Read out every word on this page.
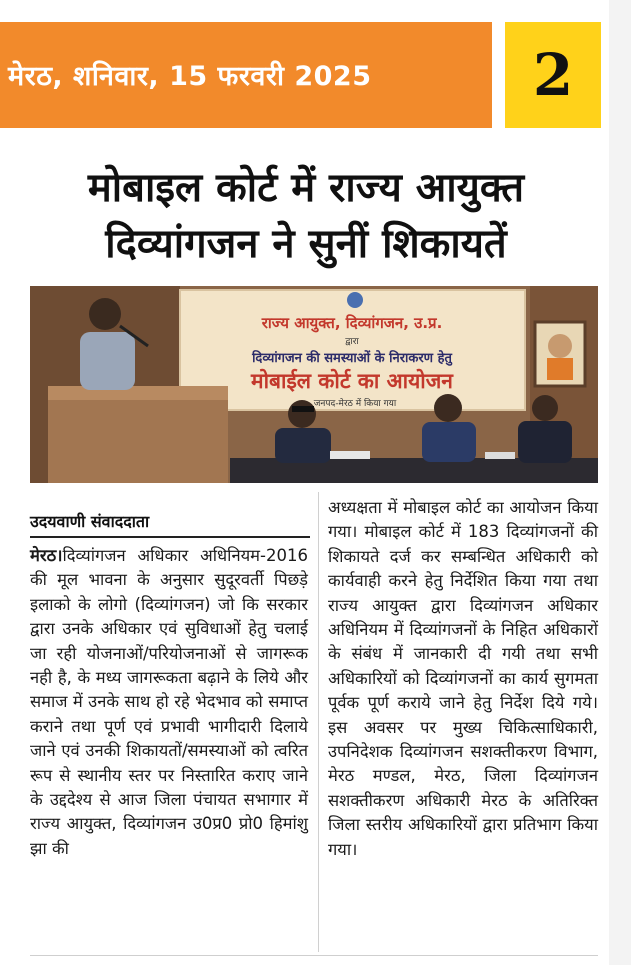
मेरठ, शनिवार, 15 फरवरी 2025	2
मोबाइल कोर्ट में राज्य आयुक्त
दिव्यांगजन ने सुनीं शिकायतें
राज्य आयुक्त, दिव्यांगजन, उ.प्र.
द्वारा
दिव्यांगजन की समस्याओं के निराकरण हेतु
मोबाईल कोर्ट का आयोजन
जनपद-मेरठ में किया गया
उदयवाणी संवाददाता
मेरठ।दिव्यांगजन अधिकार अधिनियम-2016 की मूल भावना के अनुसार सुदूरवर्ती पिछड़े इलाको के लोगो (दिव्यांगजन) जो कि सरकार द्वारा उनके अधिकार एवं सुविधाओं हेतु चलाई जा रही योजनाओं/परियोजनाओं से जागरूक नही है, के मध्य जागरूकता बढ़ाने के लिये और समाज में उनके साथ हो रहे भेदभाव को समाप्त कराने तथा पूर्ण एवं प्रभावी भागीदारी दिलाये जाने एवं उनकी शिकायतों/समस्याओं को त्वरित रूप से स्थानीय स्तर पर निस्तारित कराए जाने के उद्ददेश्य से आज जिला पंचायत सभागार में राज्य आयुक्त, दिव्यांगजन उ0प्र0 प्रो0 हिमांशु झा की
अध्यक्षता में मोबाइल कोर्ट का आयोजन किया गया। मोबाइल कोर्ट में 183 दिव्यांगजनों की शिकायते दर्ज कर सम्बन्धित अधिकारी को कार्यवाही करने हेतु निर्देशित किया गया तथा राज्य आयुक्त द्वारा दिव्यांगजन अधिकार अधिनियम में दिव्यांगजनों के निहित अधिकारों के संबंध में जानकारी दी गयी तथा सभी अधिकारियों को दिव्यांगजनों का कार्य सुगमता पूर्वक पूर्ण कराये जाने हेतु निर्देश दिये गये। इस अवसर पर मुख्य चिकित्साधिकारी, उपनिदेशक दिव्यांगजन सशक्तीकरण विभाग, मेरठ मण्डल, मेरठ, जिला दिव्यांगजन सशक्तीकरण अधिकारी मेरठ के अतिरिक्त जिला स्तरीय अधिकारियों द्वारा प्रतिभाग किया गया।
